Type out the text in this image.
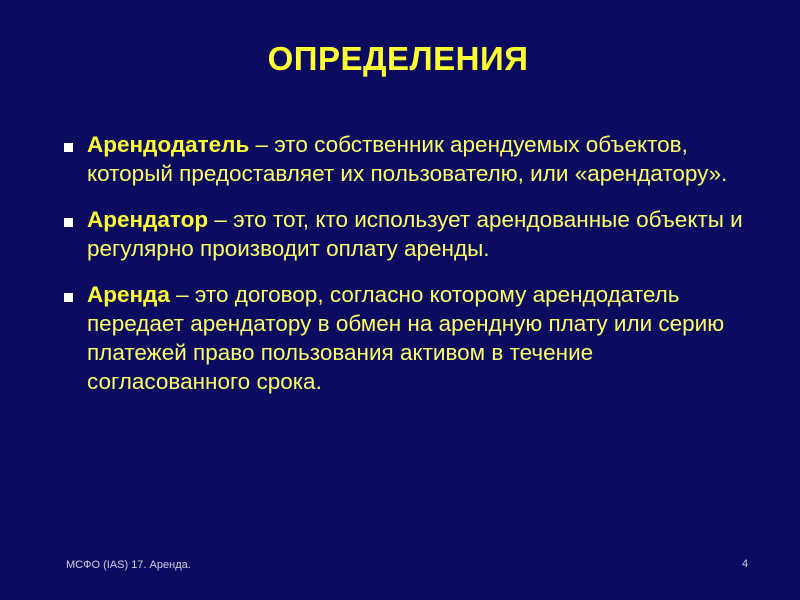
ОПРЕДЕЛЕНИЯ
Арендодатель – это собственник арендуемых объектов, который предоставляет их пользователю, или «арендатору».
Арендатор – это тот, кто использует арендованные объекты и регулярно производит оплату аренды.
Аренда – это договор, согласно которому арендодатель передает арендатору в обмен на арендную плату или серию платежей право пользования активом в течение согласованного срока.
МСФО (IAS) 17. Аренда.	4
